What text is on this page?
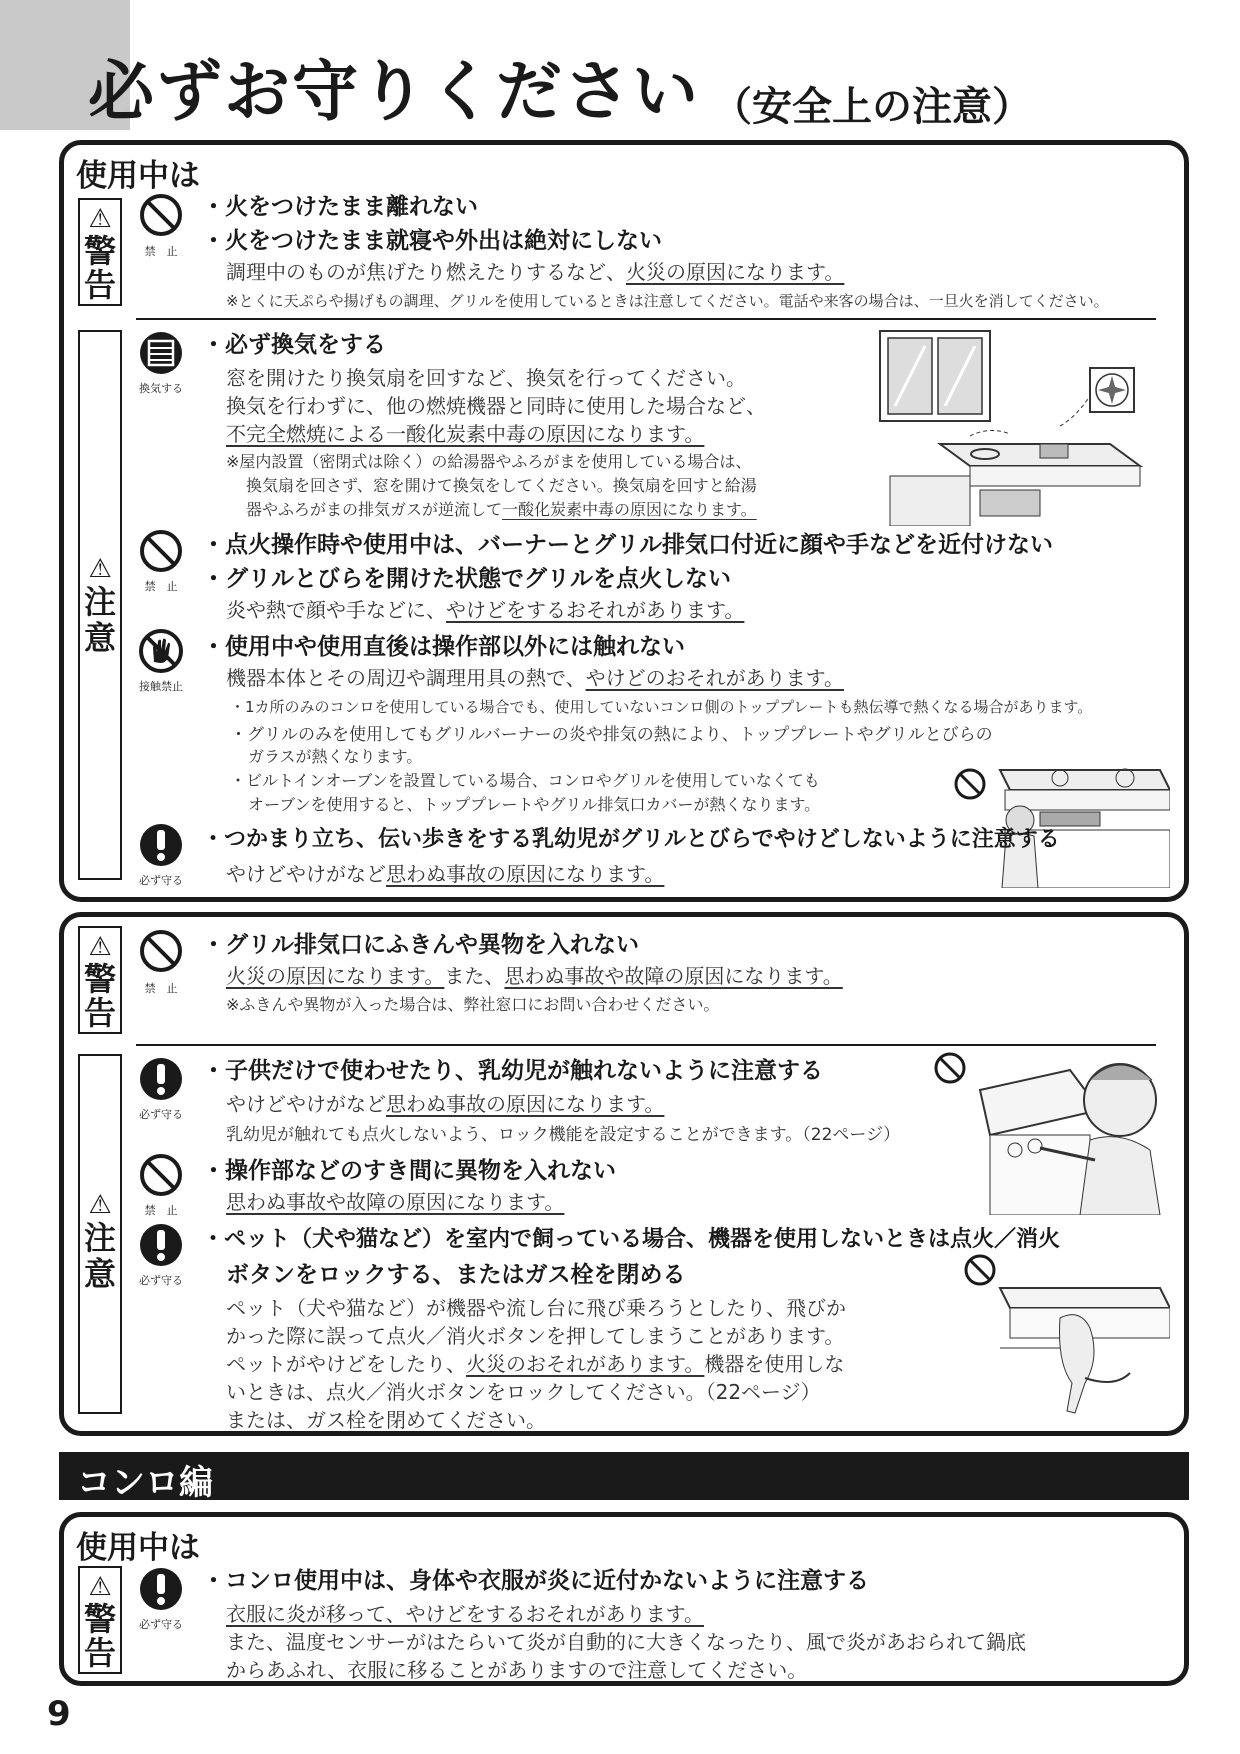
必ずお守りください （安全上の注意）
使用中は
⚠
警告
禁　止
・火をつけたまま離れない
・火をつけたまま就寝や外出は絶対にしない
調理中のものが焦げたり燃えたりするなど、火災の原因になります。
※とくに天ぷらや揚げもの調理、グリルを使用しているときは注意してください。電話や来客の場合は、一旦火を消してください。
⚠
注意
換気する
・必ず換気をする
窓を開けたり換気扇を回すなど、換気を行ってください。
換気を行わずに、他の燃焼機器と同時に使用した場合など、
不完全燃焼による一酸化炭素中毒の原因になります。
※屋内設置（密閉式は除く）の給湯器やふろがまを使用している場合は、
換気扇を回さず、窓を開けて換気をしてください。換気扇を回すと給湯
器やふろがまの排気ガスが逆流して一酸化炭素中毒の原因になります。
禁　止
・点火操作時や使用中は、バーナーとグリル排気口付近に顔や手などを近付けない
・グリルとびらを開けた状態でグリルを点火しない
炎や熱で顔や手などに、やけどをするおそれがあります。
接触禁止
・使用中や使用直後は操作部以外には触れない
機器本体とその周辺や調理用具の熱で、やけどのおそれがあります。
・1カ所のみのコンロを使用している場合でも、使用していないコンロ側のトッププレートも熱伝導で熱くなる場合があります。
・グリルのみを使用してもグリルバーナーの炎や排気の熱により、トッププレートやグリルとびらの
ガラスが熱くなります。
・ビルトインオーブンを設置している場合、コンロやグリルを使用していなくても
オーブンを使用すると、トッププレートやグリル排気口カバーが熱くなります。
必ず守る
・つかまり立ち、伝い歩きをする乳幼児がグリルとびらでやけどしないように注意する
やけどやけがなど思わぬ事故の原因になります。
⚠
警告
禁　止
・グリル排気口にふきんや異物を入れない
火災の原因になります。また、思わぬ事故や故障の原因になります。
※ふきんや異物が入った場合は、弊社窓口にお問い合わせください。
⚠
注意
必ず守る
・子供だけで使わせたり、乳幼児が触れないように注意する
やけどやけがなど思わぬ事故の原因になります。
乳幼児が触れても点火しないよう、ロック機能を設定することができます。（22ページ）
禁　止
・操作部などのすき間に異物を入れない
思わぬ事故や故障の原因になります。
必ず守る
・ペット（犬や猫など）を室内で飼っている場合、機器を使用しないときは点火／消火
ボタンをロックする、またはガス栓を閉める
ペット（犬や猫など）が機器や流し台に飛び乗ろうとしたり、飛びか
かった際に誤って点火／消火ボタンを押してしまうことがあります。
ペットがやけどをしたり、火災のおそれがあります。機器を使用しな
いときは、点火／消火ボタンをロックしてください。（22ページ）
または、ガス栓を閉めてください。
コンロ編
使用中は
⚠
警告
必ず守る
・コンロ使用中は、身体や衣服が炎に近付かないように注意する
衣服に炎が移って、やけどをするおそれがあります。
また、温度センサーがはたらいて炎が自動的に大きくなったり、風で炎があおられて鍋底
からあふれ、衣服に移ることがありますので注意してください。
9
